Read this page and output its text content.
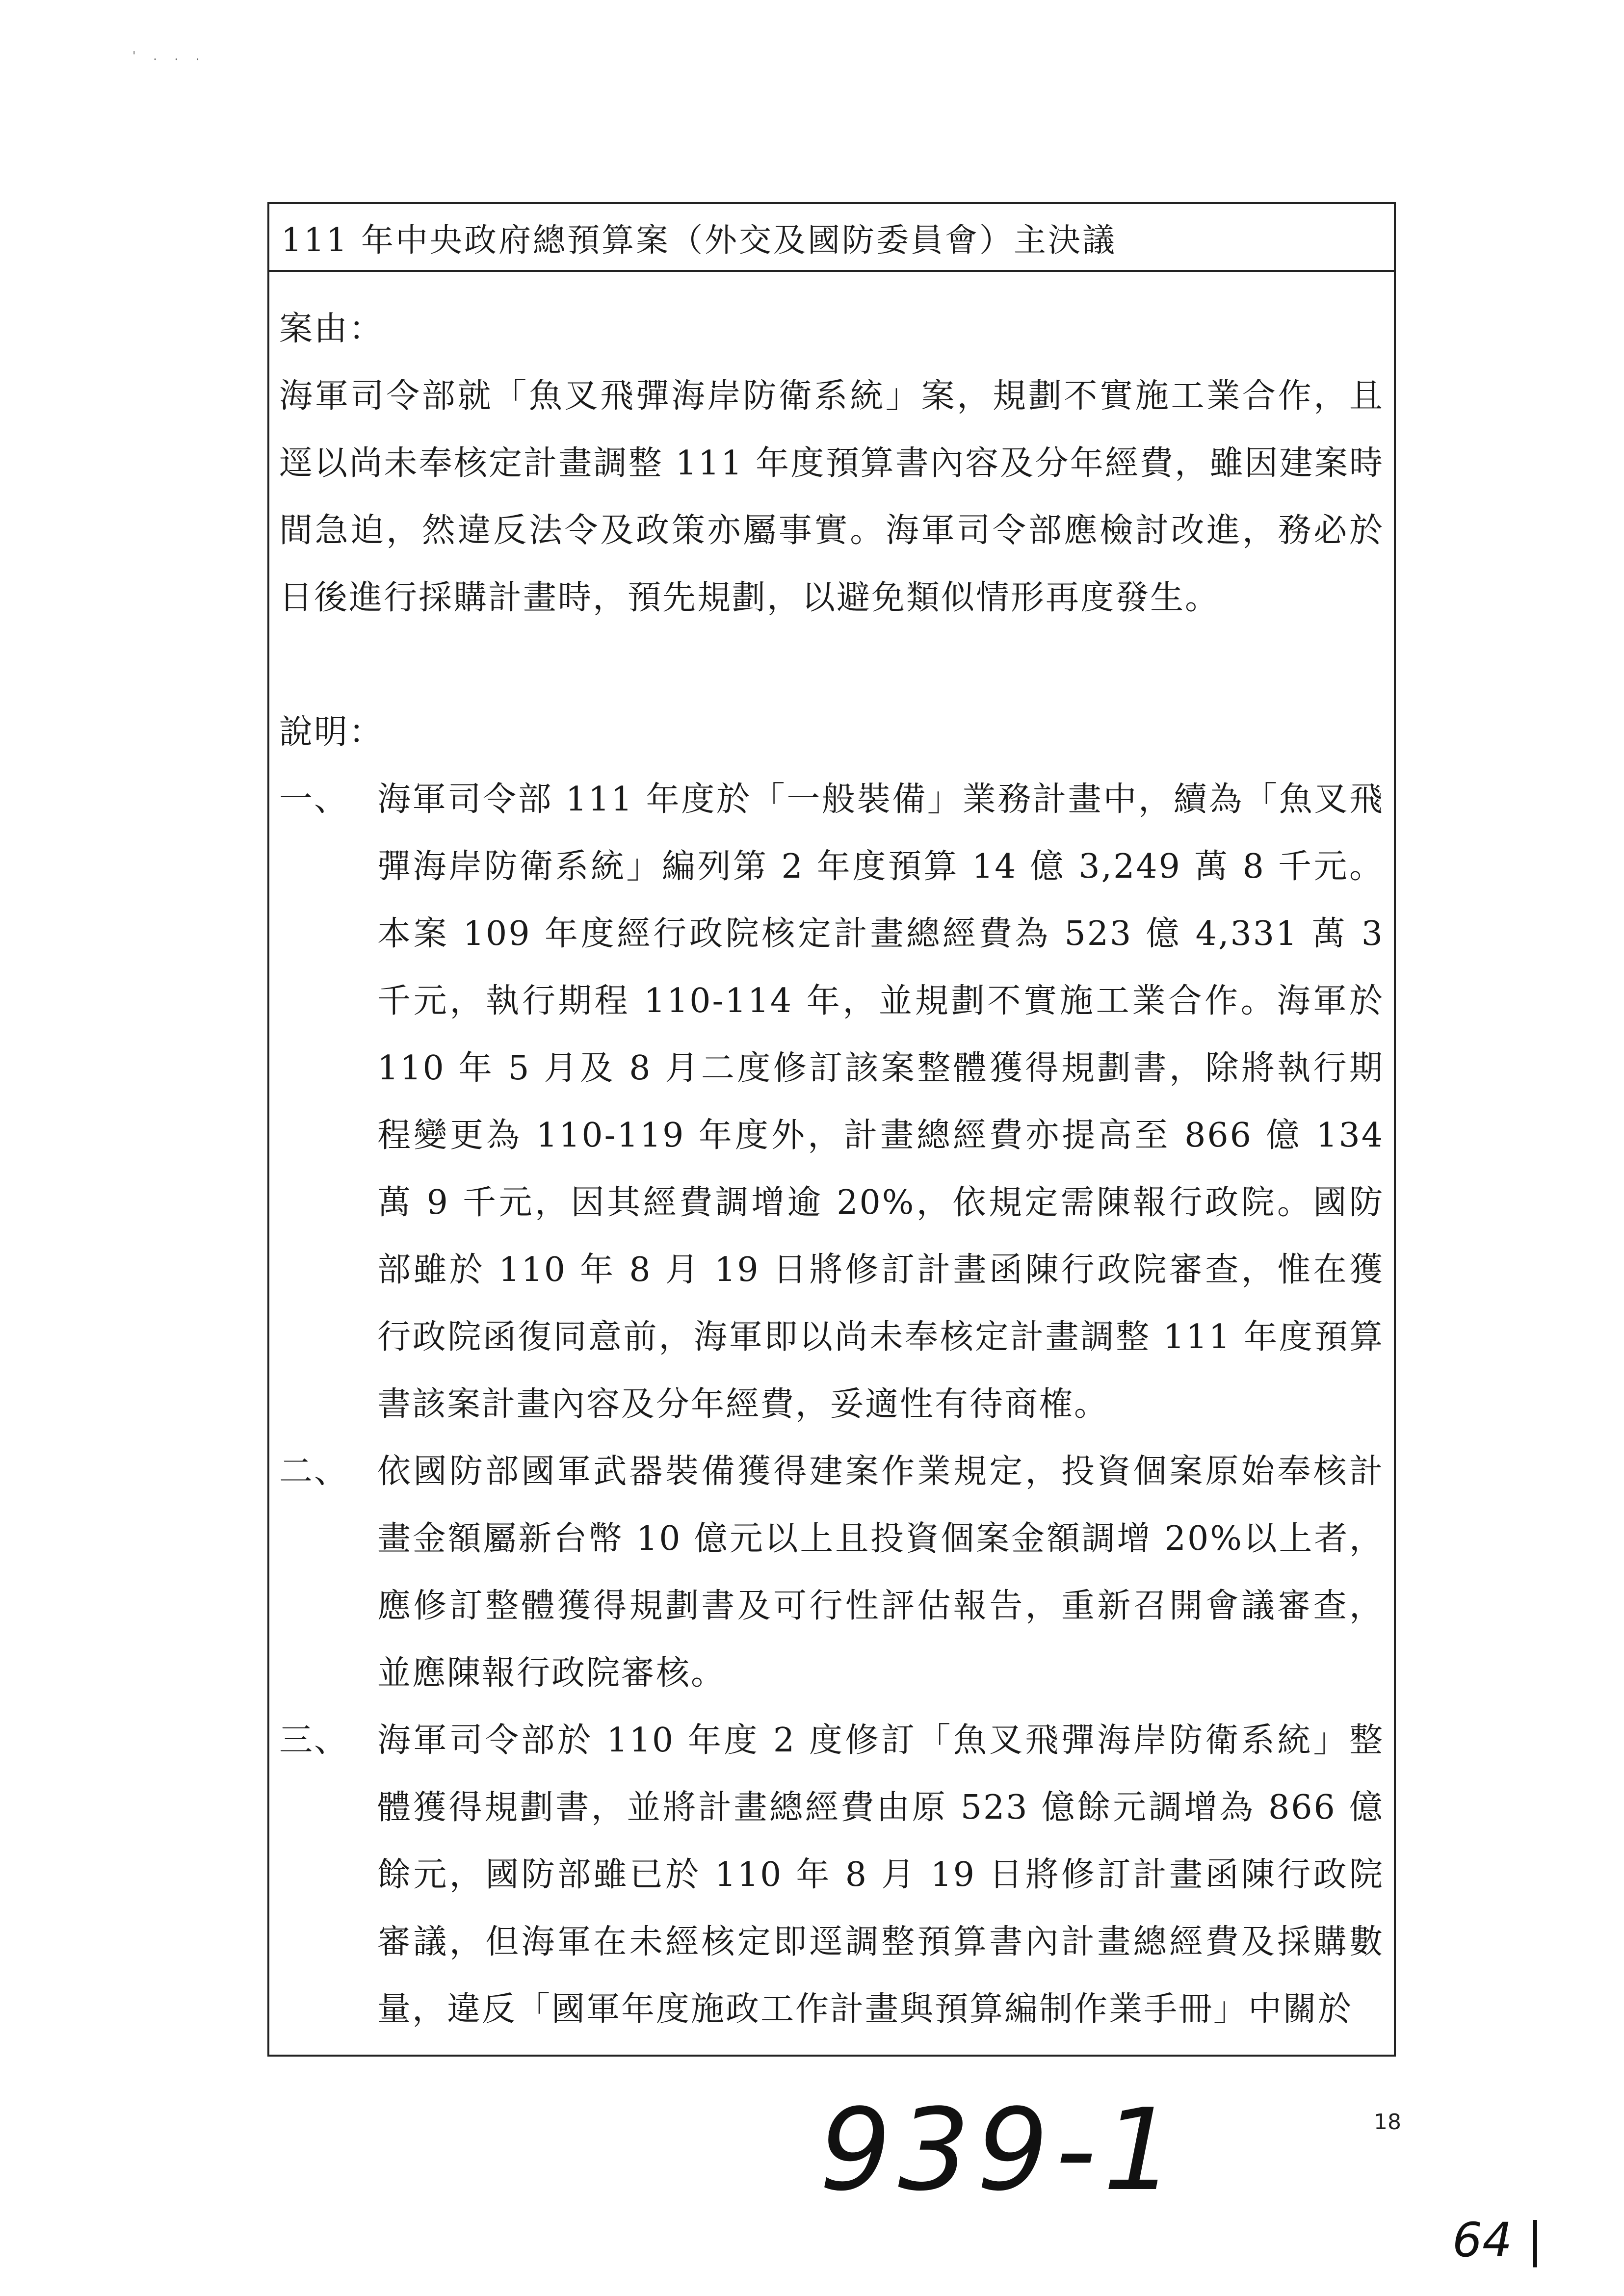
' . . .
111 年中央政府總預算案（外交及國防委員會）主決議

案由：

海軍司令部就「魚叉飛彈海岸防衛系統」案，規劃不實施工業合作，且逕以尚未奉核定計畫調整 111 年度預算書內容及分年經費，雖因建案時間急迫，然違反法令及政策亦屬事實。海軍司令部應檢討改進，務必於日後進行採購計畫時，預先規劃，以避免類似情形再度發生。

說明：

一、 海軍司令部 111 年度於「一般裝備」業務計畫中，續為「魚叉飛彈海岸防衛系統」編列第 2 年度預算 14 億 3,249 萬 8 千元。本案 109 年度經行政院核定計畫總經費為 523 億 4,331 萬 3 千元，執行期程 110-114 年，並規劃不實施工業合作。海軍於 110 年 5 月及 8 月二度修訂該案整體獲得規劃書，除將執行期程變更為 110-119 年度外，計畫總經費亦提高至 866 億 134 萬 9 千元，因其經費調增逾 20%，依規定需陳報行政院。國防部雖於 110 年 8 月 19 日將修訂計畫函陳行政院審查，惟在獲行政院函復同意前，海軍即以尚未奉核定計畫調整 111 年度預算書該案計畫內容及分年經費，妥適性有待商榷。
二、 依國防部國軍武器裝備獲得建案作業規定，投資個案原始奉核計畫金額屬新台幣 10 億元以上且投資個案金額調增 20%以上者，應修訂整體獲得規劃書及可行性評估報告，重新召開會議審查，並應陳報行政院審核。
三、 海軍司令部於 110 年度 2 度修訂「魚叉飛彈海岸防衛系統」整體獲得規劃書，並將計畫總經費由原 523 億餘元調增為 866 億餘元，國防部雖已於 110 年 8 月 19 日將修訂計畫函陳行政院審議，但海軍在未經核定即逕調整預算書內計畫總經費及採購數量，違反「國軍年度施政工作計畫與預算編制作業手冊」中關於
939-1	18
64 |
